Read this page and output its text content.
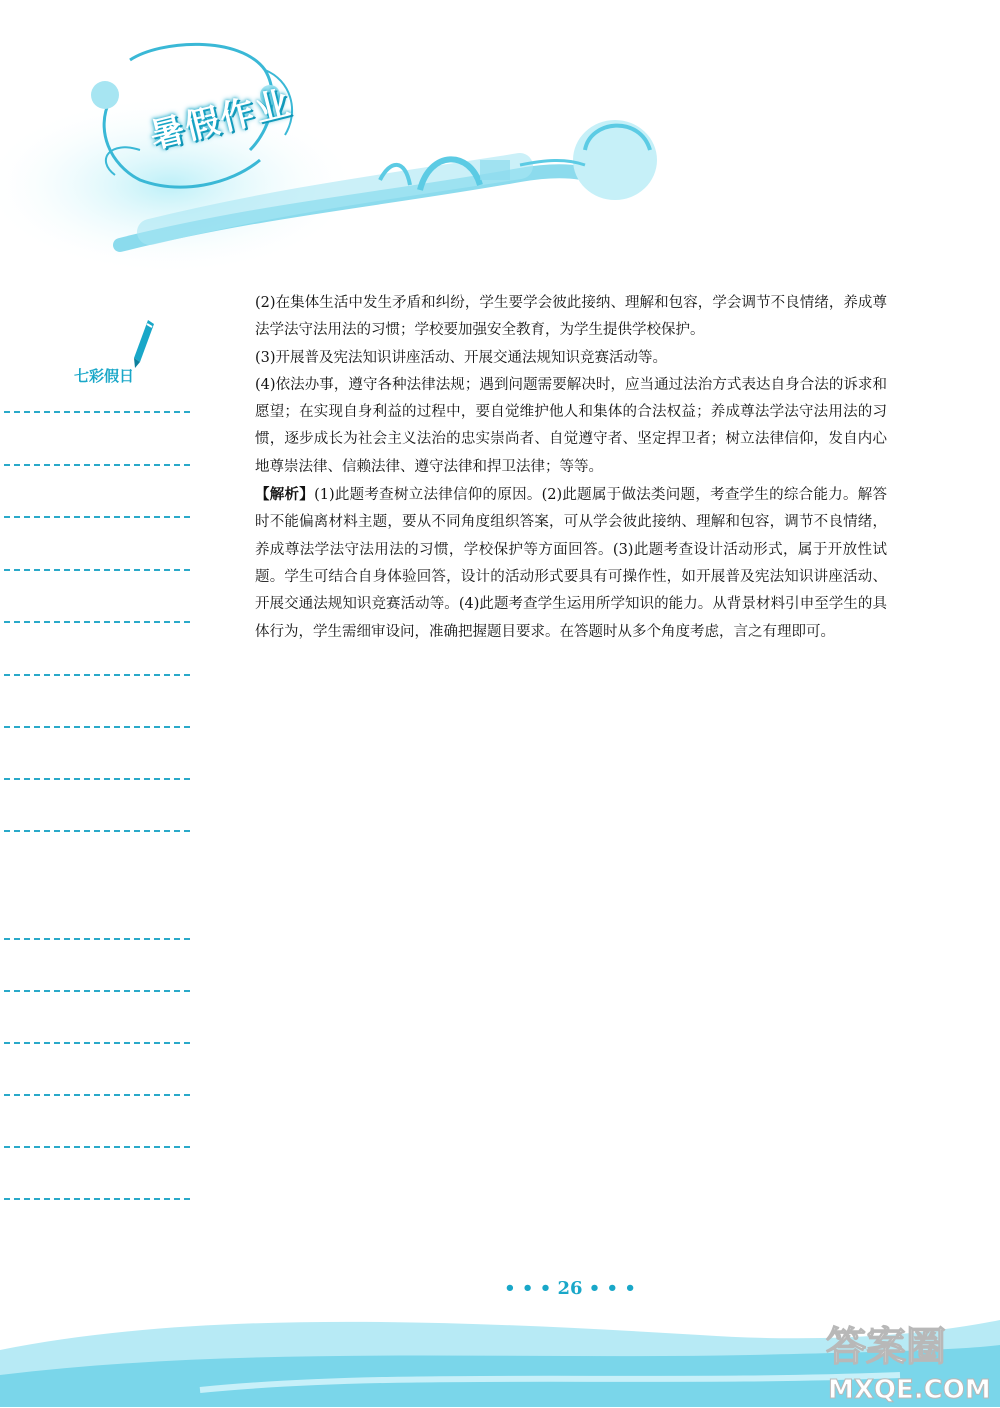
暑假作业
七彩假日

(2)在集体生活中发生矛盾和纠纷，学生要学会彼此接纳、理解和包容，学会调节不良情绪，养成尊法学法守法用法的习惯；学校要加强安全教育，为学生提供学校保护。

(3)开展普及宪法知识讲座活动、开展交通法规知识竞赛活动等。

(4)依法办事，遵守各种法律法规；遇到问题需要解决时，应当通过法治方式表达自身合法的诉求和愿望；在实现自身利益的过程中，要自觉维护他人和集体的合法权益；养成尊法学法守法用法的习惯，逐步成长为社会主义法治的忠实崇尚者、自觉遵守者、坚定捍卫者；树立法律信仰，发自内心地尊崇法律、信赖法律、遵守法律和捍卫法律；等等。

【解析】(1)此题考查树立法律信仰的原因。(2)此题属于做法类问题，考查学生的综合能力。解答时不能偏离材料主题，要从不同角度组织答案，可从学会彼此接纳、理解和包容，调节不良情绪，养成尊法学法守法用法的习惯，学校保护等方面回答。(3)此题考查设计活动形式，属于开放性试题。学生可结合自身体验回答，设计的活动形式要具有可操作性，如开展普及宪法知识讲座活动、开展交通法规知识竞赛活动等。(4)此题考查学生运用所学知识的能力。从背景材料引申至学生的具体行为，学生需细审设问，准确把握题目要求。在答题时从多个角度考虑，言之有理即可。

• • • 26 • • •
答案圈
MXQE.COM
